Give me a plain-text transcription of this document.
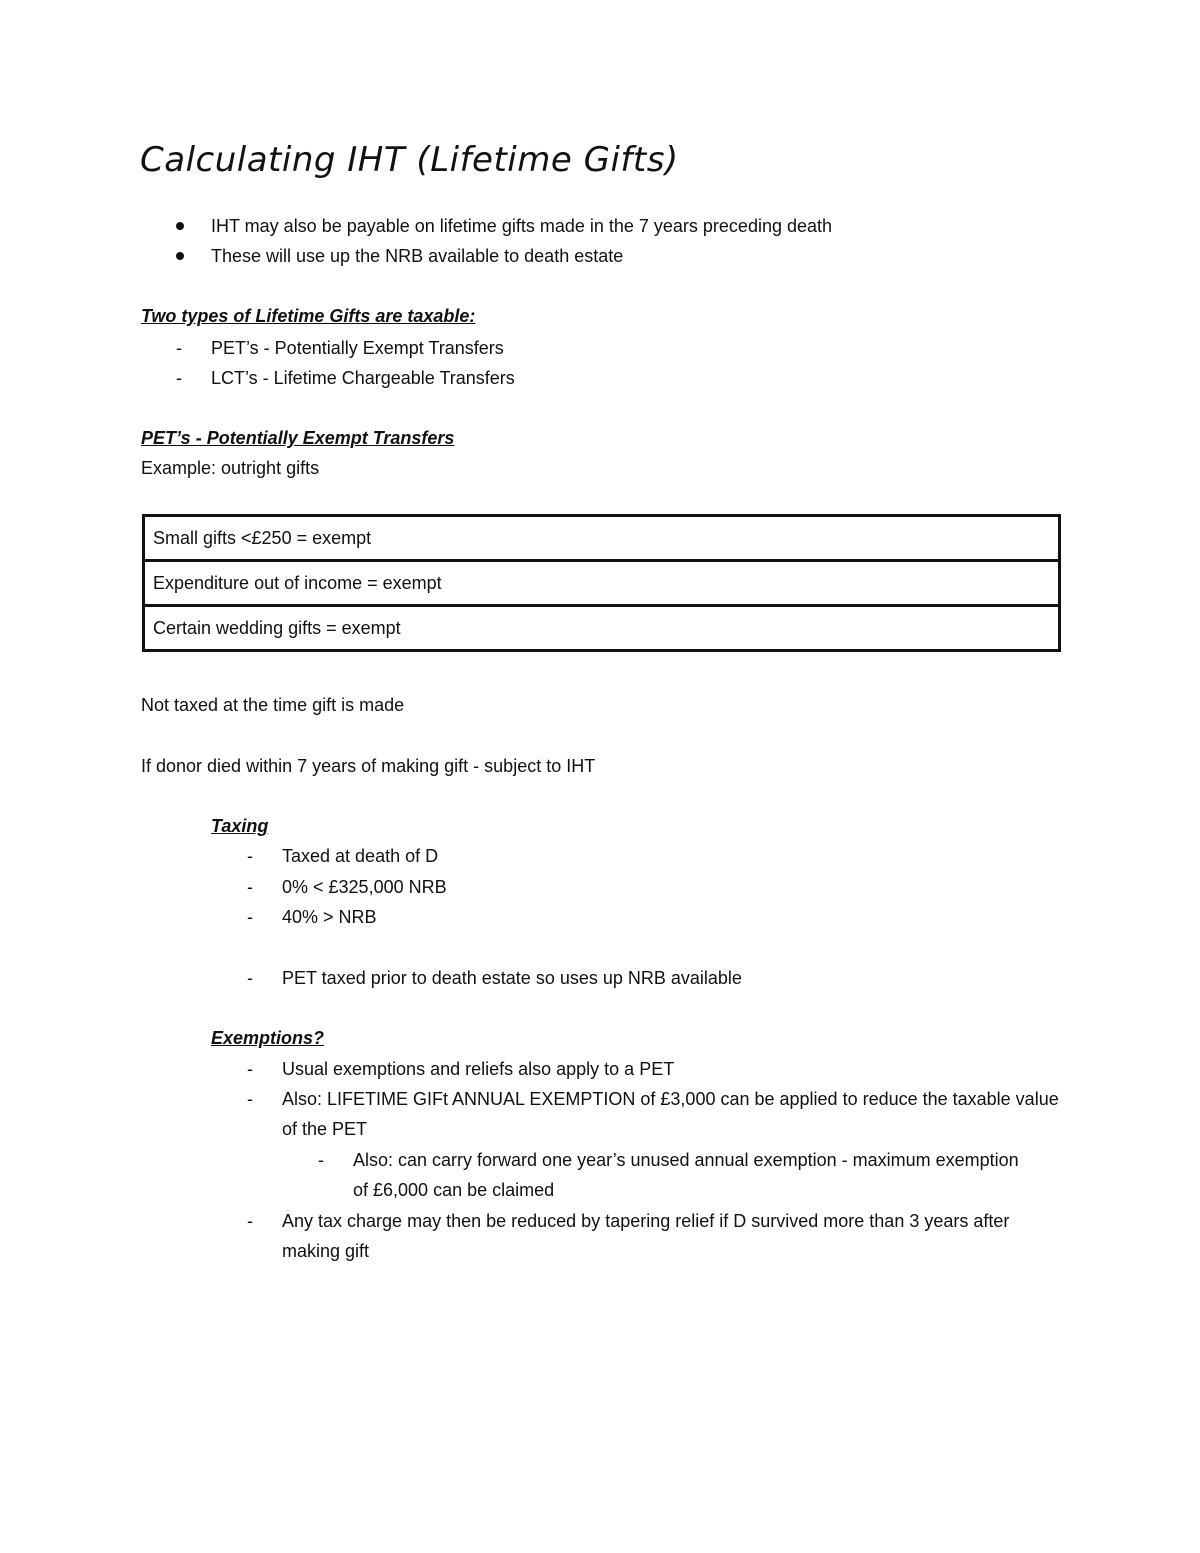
Calculating IHT (Lifetime Gifts)
IHT may also be payable on lifetime gifts made in the 7 years preceding death
These will use up the NRB available to death estate
Two types of Lifetime Gifts are taxable:
- PET’s - Potentially Exempt Transfers
- LCT’s - Lifetime Chargeable Transfers
PET’s - Potentially Exempt Transfers
Example: outright gifts
Small gifts <£250 = exempt
Expenditure out of income = exempt
Certain wedding gifts = exempt
Not taxed at the time gift is made
If donor died within 7 years of making gift - subject to IHT
Taxing
- Taxed at death of D
- 0% < £325,000 NRB
- 40% > NRB
- PET taxed prior to death estate so uses up NRB available
Exemptions?
- Usual exemptions and reliefs also apply to a PET
- Also: LIFETIME GIFt ANNUAL EXEMPTION of £3,000 can be applied to reduce the taxable value of the PET
- Also: can carry forward one year’s unused annual exemption - maximum exemption of £6,000 can be claimed
- Any tax charge may then be reduced by tapering relief if D survived more than 3 years after making gift
